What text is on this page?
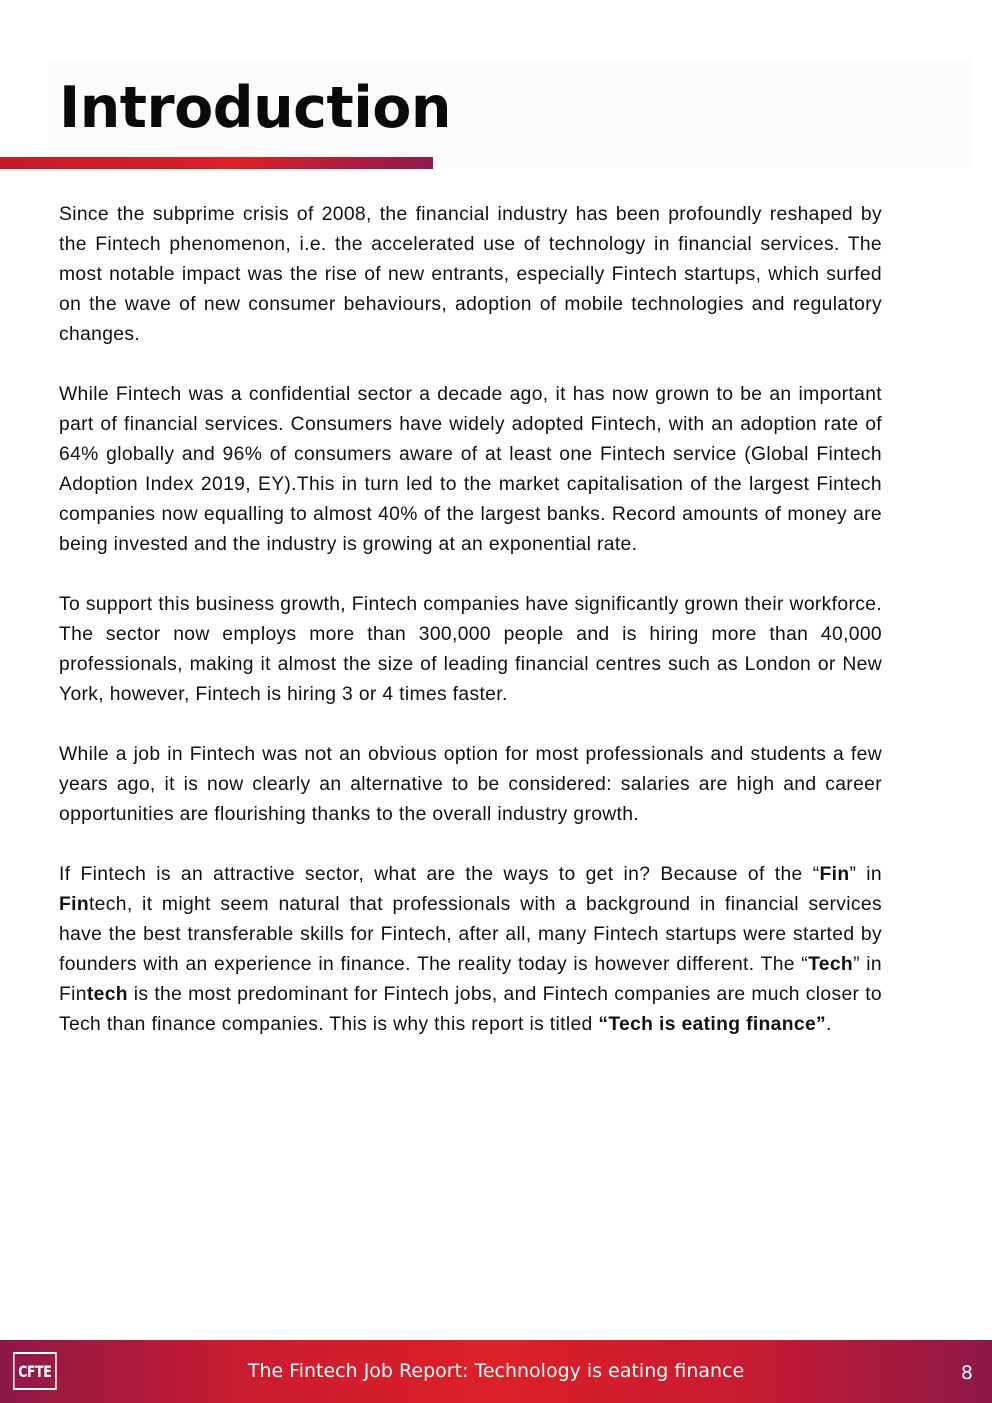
Introduction

Since the subprime crisis of 2008, the financial industry has been profoundly reshaped by the Fintech phenomenon, i.e. the accelerated use of technology in financial services. The most notable impact was the rise of new entrants, especially Fintech startups, which surfed on the wave of new consumer behaviours, adoption of mobile technologies and regulatory changes.

While Fintech was a confidential sector a decade ago, it has now grown to be an important part of financial services. Consumers have widely adopted Fintech, with an adoption rate of 64% globally and 96% of consumers aware of at least one Fintech service (Global Fintech Adoption Index 2019, EY).This in turn led to the market capitalisation of the largest Fintech companies now equalling to almost 40% of the largest banks. Record amounts of money are being invested and the industry is growing at an exponential rate.

To support this business growth, Fintech companies have significantly grown their workforce. The sector now employs more than 300,000 people and is hiring more than 40,000 professionals, making it almost the size of leading financial centres such as London or New York, however, Fintech is hiring 3 or 4 times faster.

While a job in Fintech was not an obvious option for most professionals and students a few years ago, it is now clearly an alternative to be considered: salaries are high and career opportunities are flourishing thanks to the overall industry growth.

If Fintech is an attractive sector, what are the ways to get in? Because of the “Fin” in Fintech, it might seem natural that professionals with a background in financial services have the best transferable skills for Fintech, after all, many Fintech startups were started by founders with an experience in finance. The reality today is however different. The “Tech” in Fintech is the most predominant for Fintech jobs, and Fintech companies are much closer to Tech than finance companies. This is why this report is titled “Tech is eating finance”.

CFTE	The Fintech Job Report: Technology is eating finance	8
